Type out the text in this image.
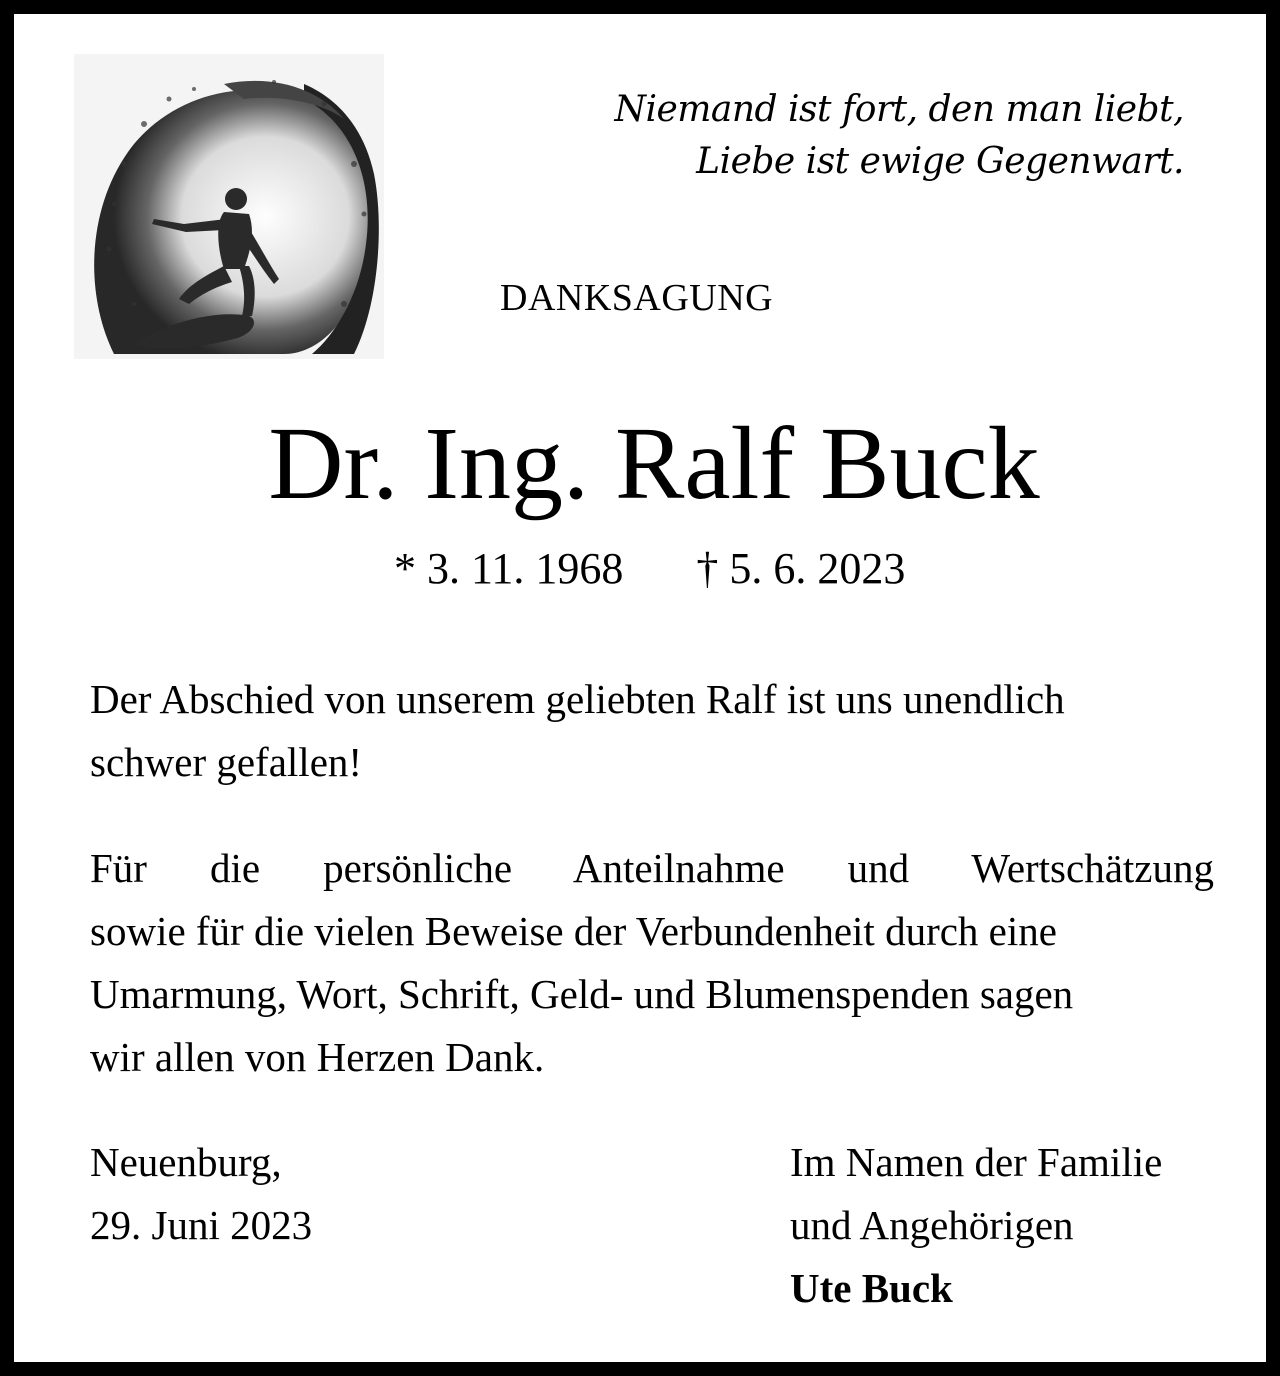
Niemand ist fort, den man liebt,
Liebe ist ewige Gegenwart.
DANKSAGUNG
Dr. Ing. Ralf Buck
* 3. 11. 1968 † 5. 6. 2023
Der Abschied von unserem geliebten Ralf ist uns unendlich
schwer gefallen!
Für die persönliche Anteilnahme und Wertschätzung
sowie für die vielen Beweise der Verbundenheit durch eine
Umarmung, Wort, Schrift, Geld- und Blumenspenden sagen
wir allen von Herzen Dank.
Neuenburg,
29. Juni 2023
Im Namen der Familie
und Angehörigen
Ute Buck
